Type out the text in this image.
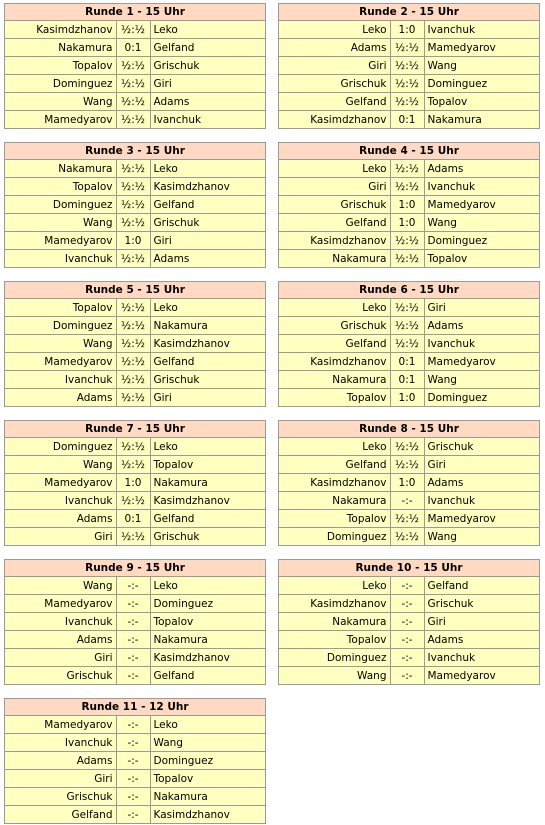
Runde 1 - 15 Uhr
Kasimdzhanov	½:½	Leko
Nakamura	0:1	Gelfand
Topalov	½:½	Grischuk
Dominguez	½:½	Giri
Wang	½:½	Adams
Mamedyarov	½:½	Ivanchuk
Runde 2 - 15 Uhr
Leko	1:0	Ivanchuk
Adams	½:½	Mamedyarov
Giri	½:½	Wang
Grischuk	½:½	Dominguez
Gelfand	½:½	Topalov
Kasimdzhanov	0:1	Nakamura
Runde 3 - 15 Uhr
Nakamura	½:½	Leko
Topalov	½:½	Kasimdzhanov
Dominguez	½:½	Gelfand
Wang	½:½	Grischuk
Mamedyarov	1:0	Giri
Ivanchuk	½:½	Adams
Runde 4 - 15 Uhr
Leko	½:½	Adams
Giri	½:½	Ivanchuk
Grischuk	1:0	Mamedyarov
Gelfand	1:0	Wang
Kasimdzhanov	½:½	Dominguez
Nakamura	½:½	Topalov
Runde 5 - 15 Uhr
Topalov	½:½	Leko
Dominguez	½:½	Nakamura
Wang	½:½	Kasimdzhanov
Mamedyarov	½:½	Gelfand
Ivanchuk	½:½	Grischuk
Adams	½:½	Giri
Runde 6 - 15 Uhr
Leko	½:½	Giri
Grischuk	½:½	Adams
Gelfand	½:½	Ivanchuk
Kasimdzhanov	0:1	Mamedyarov
Nakamura	0:1	Wang
Topalov	1:0	Dominguez
Runde 7 - 15 Uhr
Dominguez	½:½	Leko
Wang	½:½	Topalov
Mamedyarov	1:0	Nakamura
Ivanchuk	½:½	Kasimdzhanov
Adams	0:1	Gelfand
Giri	½:½	Grischuk
Runde 8 - 15 Uhr
Leko	½:½	Grischuk
Gelfand	½:½	Giri
Kasimdzhanov	1:0	Adams
Nakamura	-:-	Ivanchuk
Topalov	½:½	Mamedyarov
Dominguez	½:½	Wang
Runde 9 - 15 Uhr
Wang	-:-	Leko
Mamedyarov	-:-	Dominguez
Ivanchuk	-:-	Topalov
Adams	-:-	Nakamura
Giri	-:-	Kasimdzhanov
Grischuk	-:-	Gelfand
Runde 10 - 15 Uhr
Leko	-:-	Gelfand
Kasimdzhanov	-:-	Grischuk
Nakamura	-:-	Giri
Topalov	-:-	Adams
Dominguez	-:-	Ivanchuk
Wang	-:-	Mamedyarov
Runde 11 - 12 Uhr
Mamedyarov	-:-	Leko
Ivanchuk	-:-	Wang
Adams	-:-	Dominguez
Giri	-:-	Topalov
Grischuk	-:-	Nakamura
Gelfand	-:-	Kasimdzhanov
